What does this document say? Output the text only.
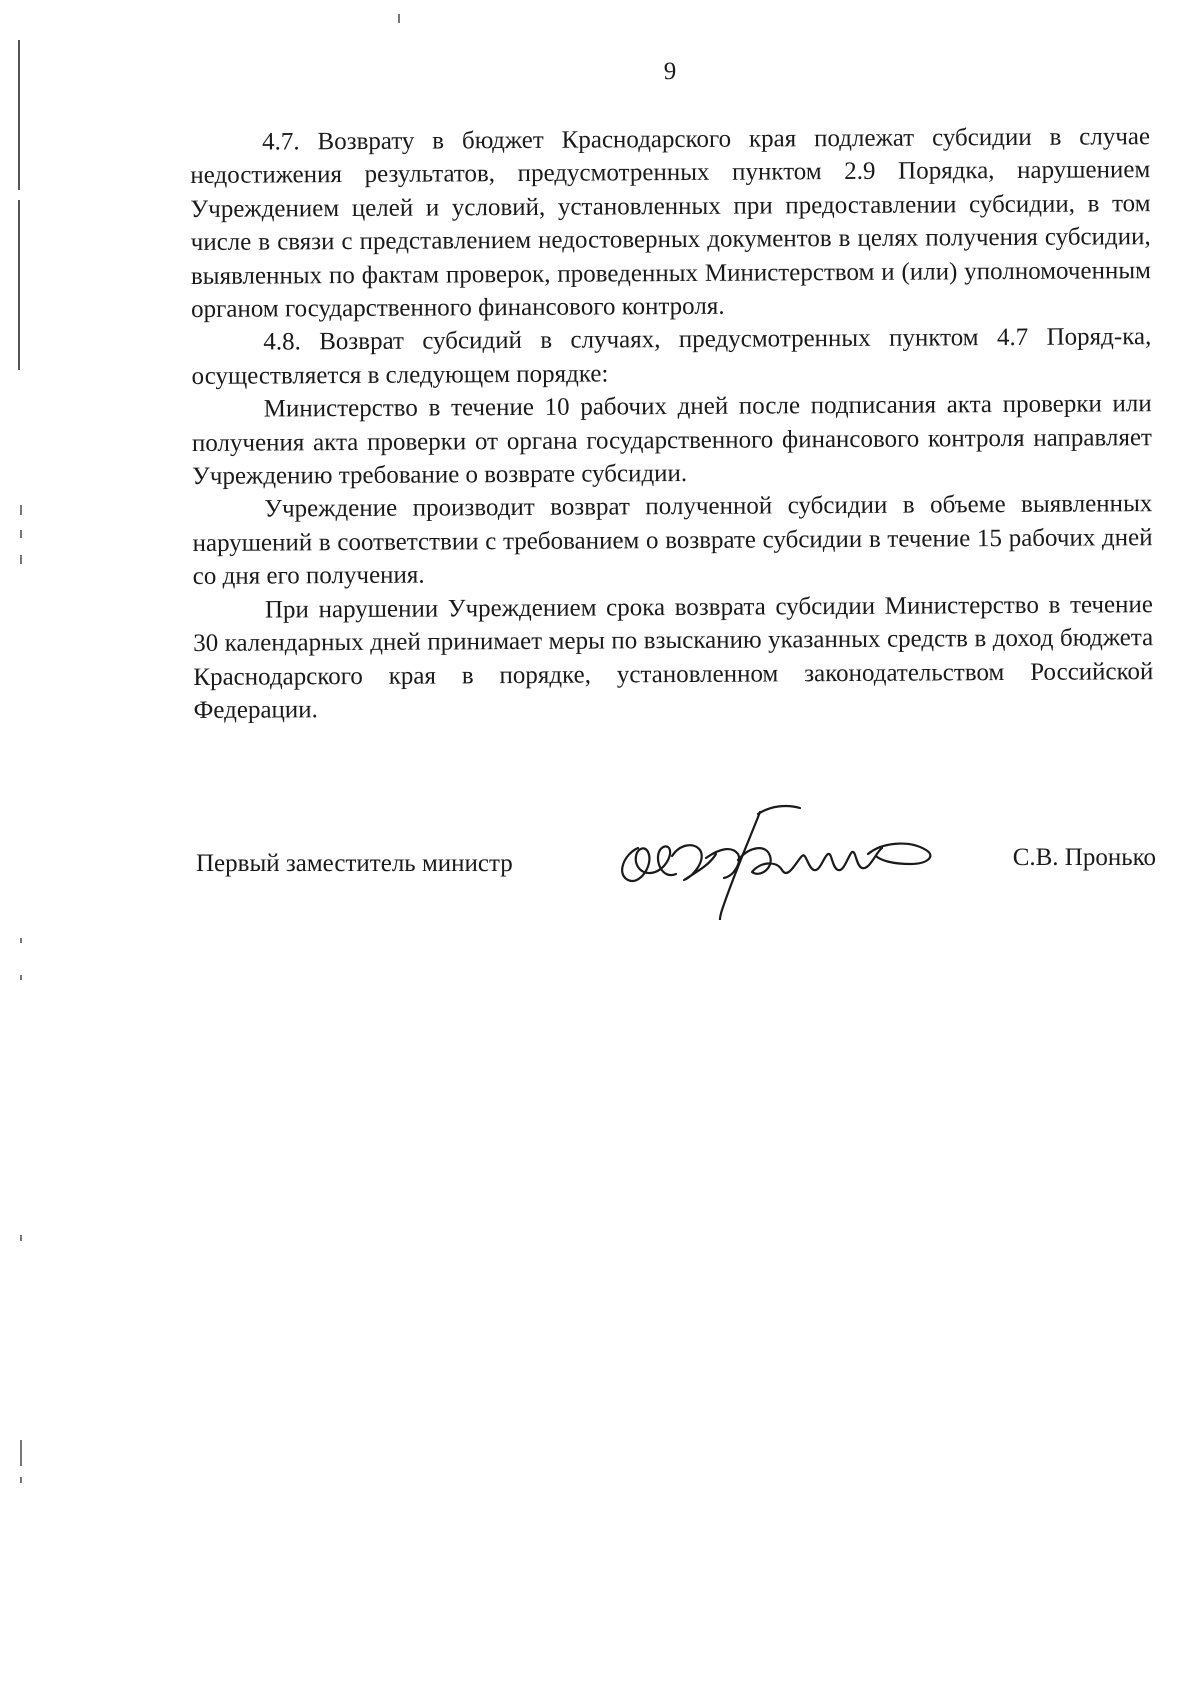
9

4.7. Возврату в бюджет Краснодарского края подлежат субсидии в случае недостижения результатов, предусмотренных пунктом 2.9 Порядка, нарушением Учреждением целей и условий, установленных при предоставлении субсидии, в том числе в связи с представлением недостоверных документов в целях получения субсидии, выявленных по фактам проверок, проведенных Министерством и (или) уполномоченным органом государственного финансового контроля.

4.8. Возврат субсидий в случаях, предусмотренных пунктом 4.7 Поряд-ка, осуществляется в следующем порядке:

Министерство в течение 10 рабочих дней после подписания акта проверки или получения акта проверки от органа государственного финансового контроля направляет Учреждению требование о возврате субсидии.

Учреждение производит возврат полученной субсидии в объеме выявленных нарушений в соответствии с требованием о возврате субсидии в течение 15 рабочих дней со дня его получения.

При нарушении Учреждением срока возврата субсидии Министерство в течение 30 календарных дней принимает меры по взысканию указанных средств в доход бюджета Краснодарского края в порядке, установленном законодательством Российской Федерации.

Первый заместитель министр	С.В. Пронько
